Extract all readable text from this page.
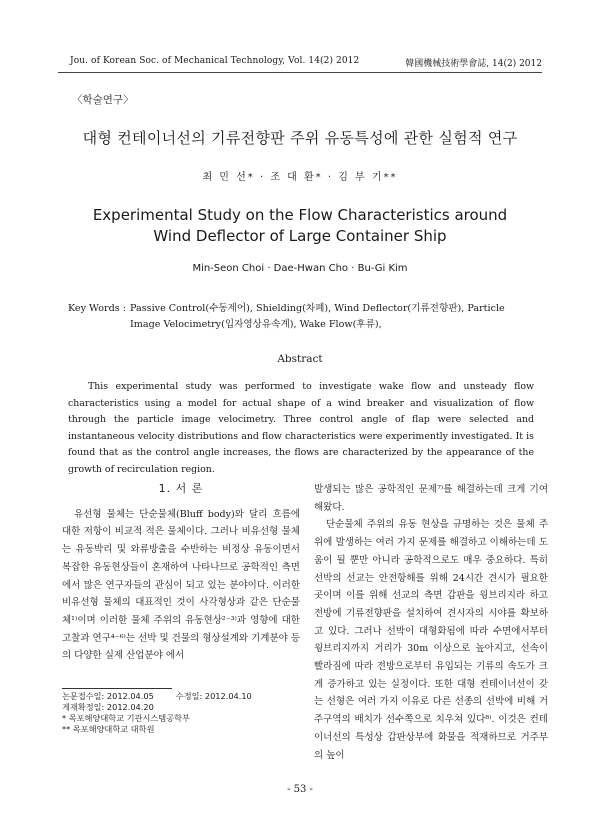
Jou. of Korean Soc. of Mechanical Technology, Vol. 14(2) 2012	韓國機械技術學會誌, 14(2) 2012
〈학술연구〉
대형 컨테이너선의 기류전향판 주위 유동특성에 관한 실험적 연구
최 민 선* · 조 대 환* · 김 부 기**
Experimental Study on the Flow Characteristics around
Wind Deflector of Large Container Ship
Min-Seon Choi · Dae-Hwan Cho · Bu-Gi Kim
Key Words : Passive Control(수동제어), Shielding(차폐), Wind Deflector(기류전향판), Particle Image Velocimetry(입자영상유속계), Wake Flow(후류),
Abstract
This experimental study was performed to investigate wake flow and unsteady flow characteristics using a model for actual shape of a wind breaker and visualization of flow through the particle image velocimetry. Three control angle of flap were selected and instantaneous velocity distributions and flow characteristics were experimently investigated. It is found that as the control angle increases, the flows are characterized by the appearance of the growth of recirculation region.
1. 서 론

유선형 물체는 단순물체(Bluff body)와 달리 흐름에 대한 저항이 비교적 적은 물체이다. 그러나 비유선형 물체는 유동박리 및 와류방출을 수반하는 비정상 유동이면서 복잡한 유동현상들이 혼재하여 나타나므로 공학적인 측면에서 많은 연구자들의 관심이 되고 있는 분야이다. 이러한 비유선형 물체의 대표적인 것이 사각형상과 같은 단순물체¹⁾이며 이러한 물체 주위의 유동현상²⁻³⁾과 영향에 대한 고찰과 연구⁴⁻⁶⁾는 선박 및 건물의 형상설계와 기계분야 등의 다양한 실제 산업분야 에서

발생되는 많은 공학적인 문제⁷⁾를 해결하는데 크게 기여해왔다.

단순물체 주위의 유동 현상을 규명하는 것은 물체 주위에 발생하는 여러 가지 문제를 해결하고 이해하는데 도움이 될 뿐만 아니라 공학적으로도 매우 중요하다. 특히 선박의 선교는 안전항해를 위해 24시간 견시가 필요한 곳이며 이를 위해 선교의 측면 갑판을 윙브리지라 하고 전방에 기류전향판을 설치하여 견시자의 시야를 확보하고 있다. 그러나 선박이 대형화됨에 따라 수면에서부터 윙브리지까지 거리가 30m 이상으로 높아지고, 선속이 빨라짐에 따라 전방으로부터 유입되는 기류의 속도가 크게 증가하고 있는 실정이다. 또한 대형 컨테이너선이 갖는 선형은 여러 가지 이유로 다른 선종의 선박에 비해 거주구역의 배치가 선수쪽으로 치우쳐 있다⁸⁾. 이것은 컨테이너선의 특성상 갑판상부에 화물을 적재하므로 거주부의 높이

논문접수일: 2012.04.05	수정일: 2012.04.10
게재확정일: 2012.04.20
* 목포해양대학교 기관시스템공학부
** 목포해양대학교 대학원
- 53 -
